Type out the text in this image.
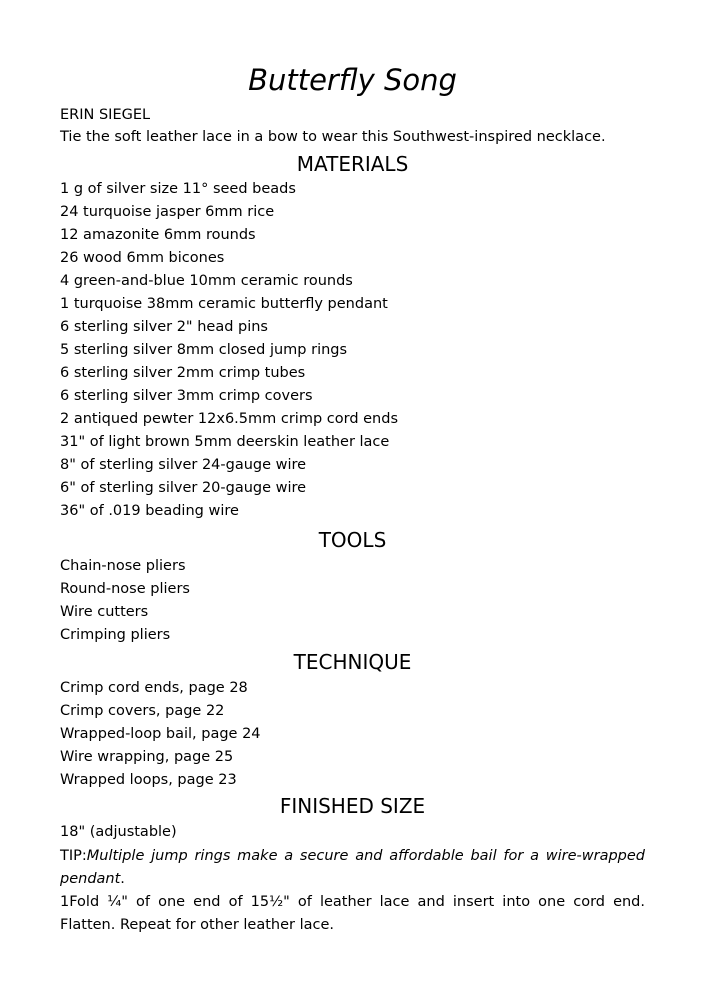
Butterfly Song
ERIN SIEGEL
Tie the soft leather lace in a bow to wear this Southwest-inspired necklace.
MATERIALS
1 g of silver size 11° seed beads
24 turquoise jasper 6mm rice
12 amazonite 6mm rounds
26 wood 6mm bicones
4 green-and-blue 10mm ceramic rounds
1 turquoise 38mm ceramic butterfly pendant
6 sterling silver 2" head pins
5 sterling silver 8mm closed jump rings
6 sterling silver 2mm crimp tubes
6 sterling silver 3mm crimp covers
2 antiqued pewter 12x6.5mm crimp cord ends
31" of light brown 5mm deerskin leather lace
8" of sterling silver 24-gauge wire
6" of sterling silver 20-gauge wire
36" of .019 beading wire
TOOLS
Chain-nose pliers
Round-nose pliers
Wire cutters
Crimping pliers
TECHNIQUE
Crimp cord ends, page 28
Crimp covers, page 22
Wrapped-loop bail, page 24
Wire wrapping, page 25
Wrapped loops, page 23
FINISHED SIZE
18" (adjustable)
TIP:Multiple jump rings make a secure and affordable bail for a wire-wrapped pendant.
1Fold ¼" of one end of 15½" of leather lace and insert into one cord end. Flatten. Repeat for other leather lace.
